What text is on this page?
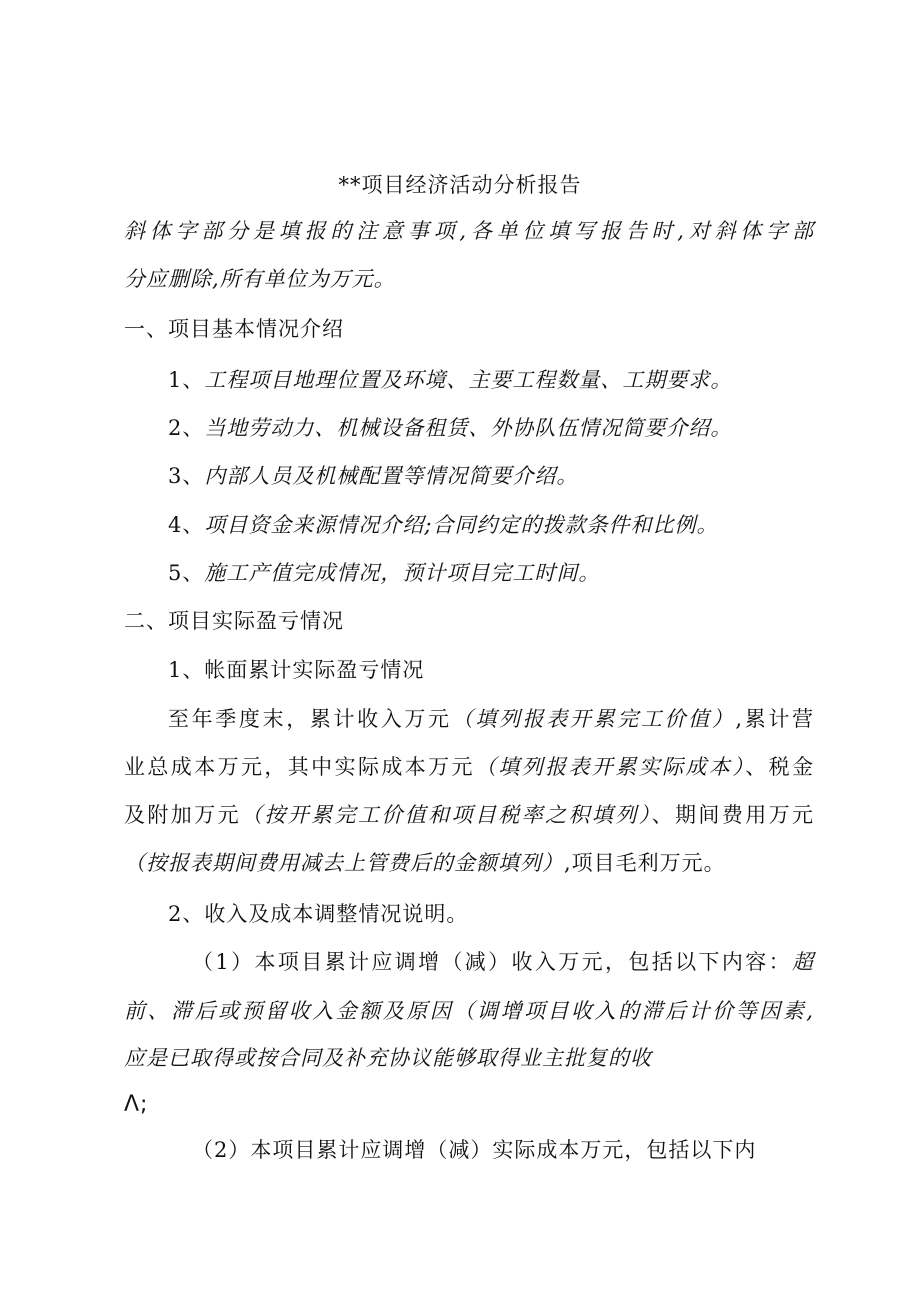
**项目经济活动分析报告
斜体字部分是填报的注意事项,各单位填写报告时,对斜体字部
分应删除,所有单位为万元。
一、项目基本情况介绍
1、工程项目地理位置及环境、主要工程数量、工期要求。
2、当地劳动力、机械设备租赁、外协队伍情况简要介绍。
3、内部人员及机械配置等情况简要介绍。
4、项目资金来源情况介绍;合同约定的拨款条件和比例。
5、施工产值完成情况，预计项目完工时间。
二、项目实际盈亏情况
1、帐面累计实际盈亏情况
至年季度末，累计收入万元（填列报表开累完工价值）,累计营
业总成本万元，其中实际成本万元（填列报表开累实际成本）、税金
及附加万元（按开累完工价值和项目税率之积填列）、期间费用万元
（按报表期间费用减去上管费后的金额填列）,项目毛利万元。
2、收入及成本调整情况说明。
（1）本项目累计应调增（减）收入万元，包括以下内容：超
前、滞后或预留收入金额及原因（调增项目收入的滞后计价等因素,
应是已取得或按合同及补充协议能够取得业主批复的收
Λ;
（2）本项目累计应调增（减）实际成本万元，包括以下内
